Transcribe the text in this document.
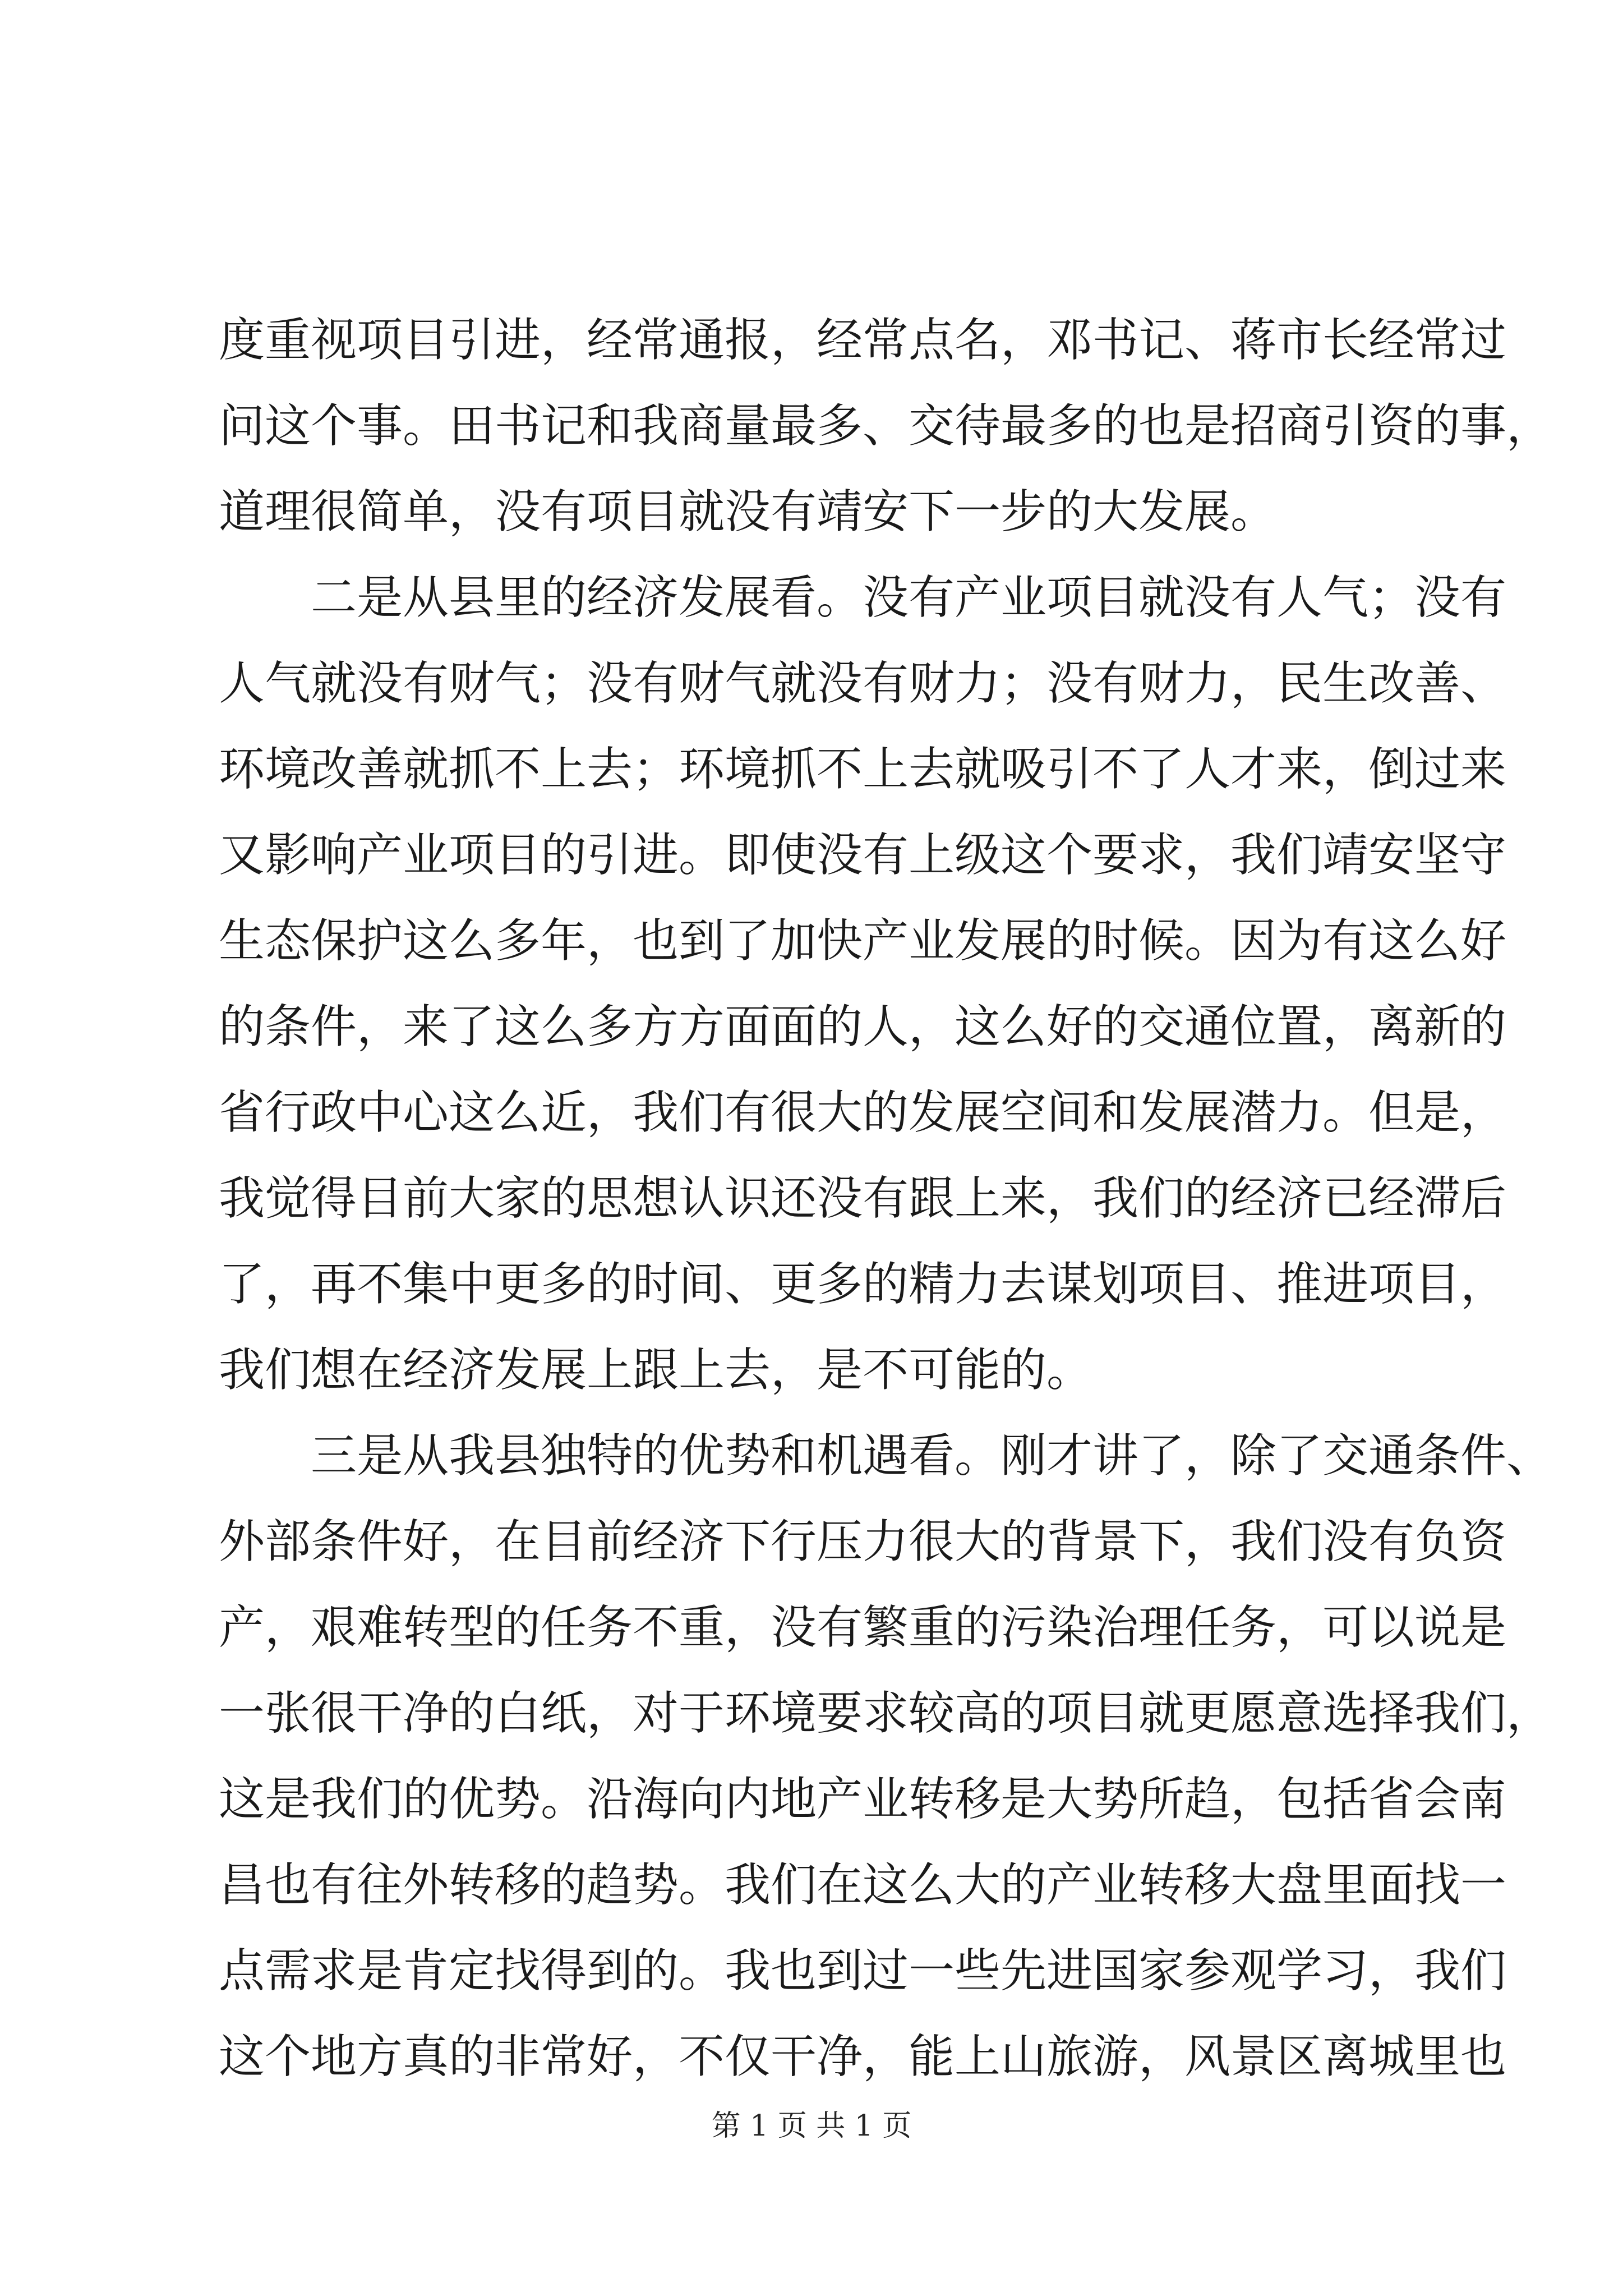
度重视项目引进，经常通报，经常点名，邓书记、蒋市长经常过
问这个事。田书记和我商量最多、交待最多的也是招商引资的事，
道理很简单，没有项目就没有靖安下一步的大发展。
二是从县里的经济发展看。没有产业项目就没有人气；没有
人气就没有财气；没有财气就没有财力；没有财力，民生改善、
环境改善就抓不上去；环境抓不上去就吸引不了人才来，倒过来
又影响产业项目的引进。即使没有上级这个要求，我们靖安坚守
生态保护这么多年，也到了加快产业发展的时候。因为有这么好
的条件，来了这么多方方面面的人，这么好的交通位置，离新的
省行政中心这么近，我们有很大的发展空间和发展潜力。但是，
我觉得目前大家的思想认识还没有跟上来，我们的经济已经滞后
了，再不集中更多的时间、更多的精力去谋划项目、推进项目，
我们想在经济发展上跟上去，是不可能的。
三是从我县独特的优势和机遇看。刚才讲了，除了交通条件、
外部条件好，在目前经济下行压力很大的背景下，我们没有负资
产，艰难转型的任务不重，没有繁重的污染治理任务，可以说是
一张很干净的白纸，对于环境要求较高的项目就更愿意选择我们，
这是我们的优势。沿海向内地产业转移是大势所趋，包括省会南
昌也有往外转移的趋势。我们在这么大的产业转移大盘里面找一
点需求是肯定找得到的。我也到过一些先进国家参观学习，我们
这个地方真的非常好，不仅干净，能上山旅游，风景区离城里也
第 1 页 共 1 页
